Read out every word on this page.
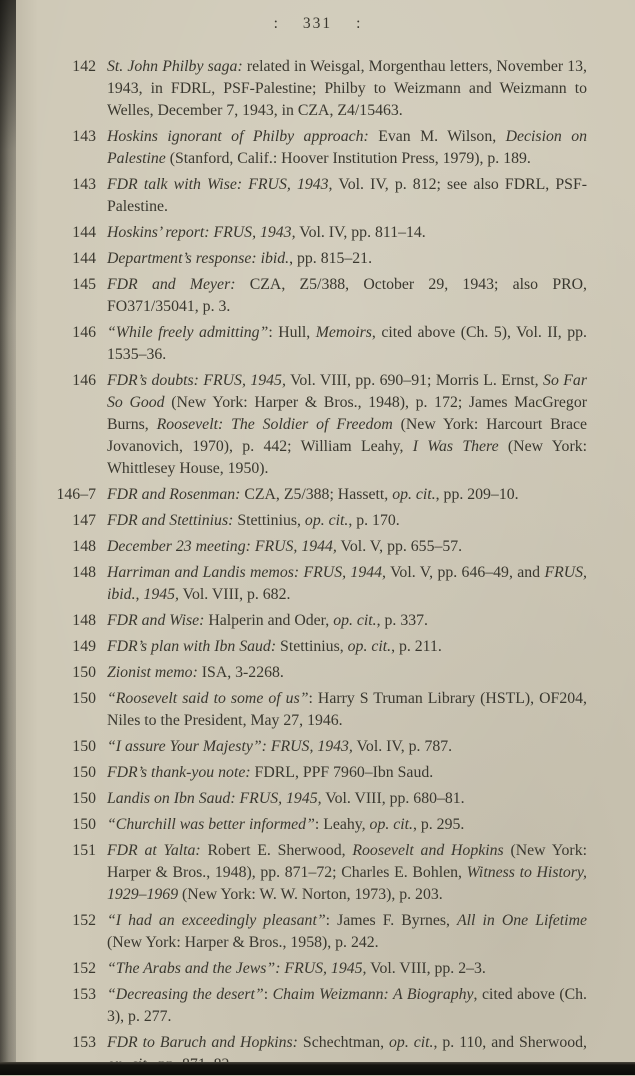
: 331 :
142 St. John Philby saga: related in Weisgal, Morgenthau letters, November 13, 1943, in FDRL, PSF-Palestine; Philby to Weizmann and Weizmann to Welles, December 7, 1943, in CZA, Z4/15463.
143 Hoskins ignorant of Philby approach: Evan M. Wilson, Decision on Palestine (Stanford, Calif.: Hoover Institution Press, 1979), p. 189.
143 FDR talk with Wise: FRUS, 1943, Vol. IV, p. 812; see also FDRL, PSF-Palestine.
144 Hoskins’ report: FRUS, 1943, Vol. IV, pp. 811–14.
144 Department’s response: ibid., pp. 815–21.
145 FDR and Meyer: CZA, Z5/388, October 29, 1943; also PRO, FO371/35041, p. 3.
146 “While freely admitting”: Hull, Memoirs, cited above (Ch. 5), Vol. II, pp. 1535–36.
146 FDR’s doubts: FRUS, 1945, Vol. VIII, pp. 690–91; Morris L. Ernst, So Far So Good (New York: Harper & Bros., 1948), p. 172; James MacGregor Burns, Roosevelt: The Soldier of Freedom (New York: Harcourt Brace Jovanovich, 1970), p. 442; William Leahy, I Was There (New York: Whittlesey House, 1950).
146–7 FDR and Rosenman: CZA, Z5/388; Hassett, op. cit., pp. 209–10.
147 FDR and Stettinius: Stettinius, op. cit., p. 170.
148 December 23 meeting: FRUS, 1944, Vol. V, pp. 655–57.
148 Harriman and Landis memos: FRUS, 1944, Vol. V, pp. 646–49, and FRUS, ibid., 1945, Vol. VIII, p. 682.
148 FDR and Wise: Halperin and Oder, op. cit., p. 337.
149 FDR’s plan with Ibn Saud: Stettinius, op. cit., p. 211.
150 Zionist memo: ISA, 3-2268.
150 “Roosevelt said to some of us”: Harry S Truman Library (HSTL), OF204, Niles to the President, May 27, 1946.
150 “I assure Your Majesty”: FRUS, 1943, Vol. IV, p. 787.
150 FDR’s thank-you note: FDRL, PPF 7960–Ibn Saud.
150 Landis on Ibn Saud: FRUS, 1945, Vol. VIII, pp. 680–81.
150 “Churchill was better informed”: Leahy, op. cit., p. 295.
151 FDR at Yalta: Robert E. Sherwood, Roosevelt and Hopkins (New York: Harper & Bros., 1948), pp. 871–72; Charles E. Bohlen, Witness to History, 1929–1969 (New York: W. W. Norton, 1973), p. 203.
152 “I had an exceedingly pleasant”: James F. Byrnes, All in One Lifetime (New York: Harper & Bros., 1958), p. 242.
152 “The Arabs and the Jews”: FRUS, 1945, Vol. VIII, pp. 2–3.
153 “Decreasing the desert”: Chaim Weizmann: A Biography, cited above (Ch. 3), p. 277.
153 FDR to Baruch and Hopkins: Schechtman, op. cit., p. 110, and Sherwood,
